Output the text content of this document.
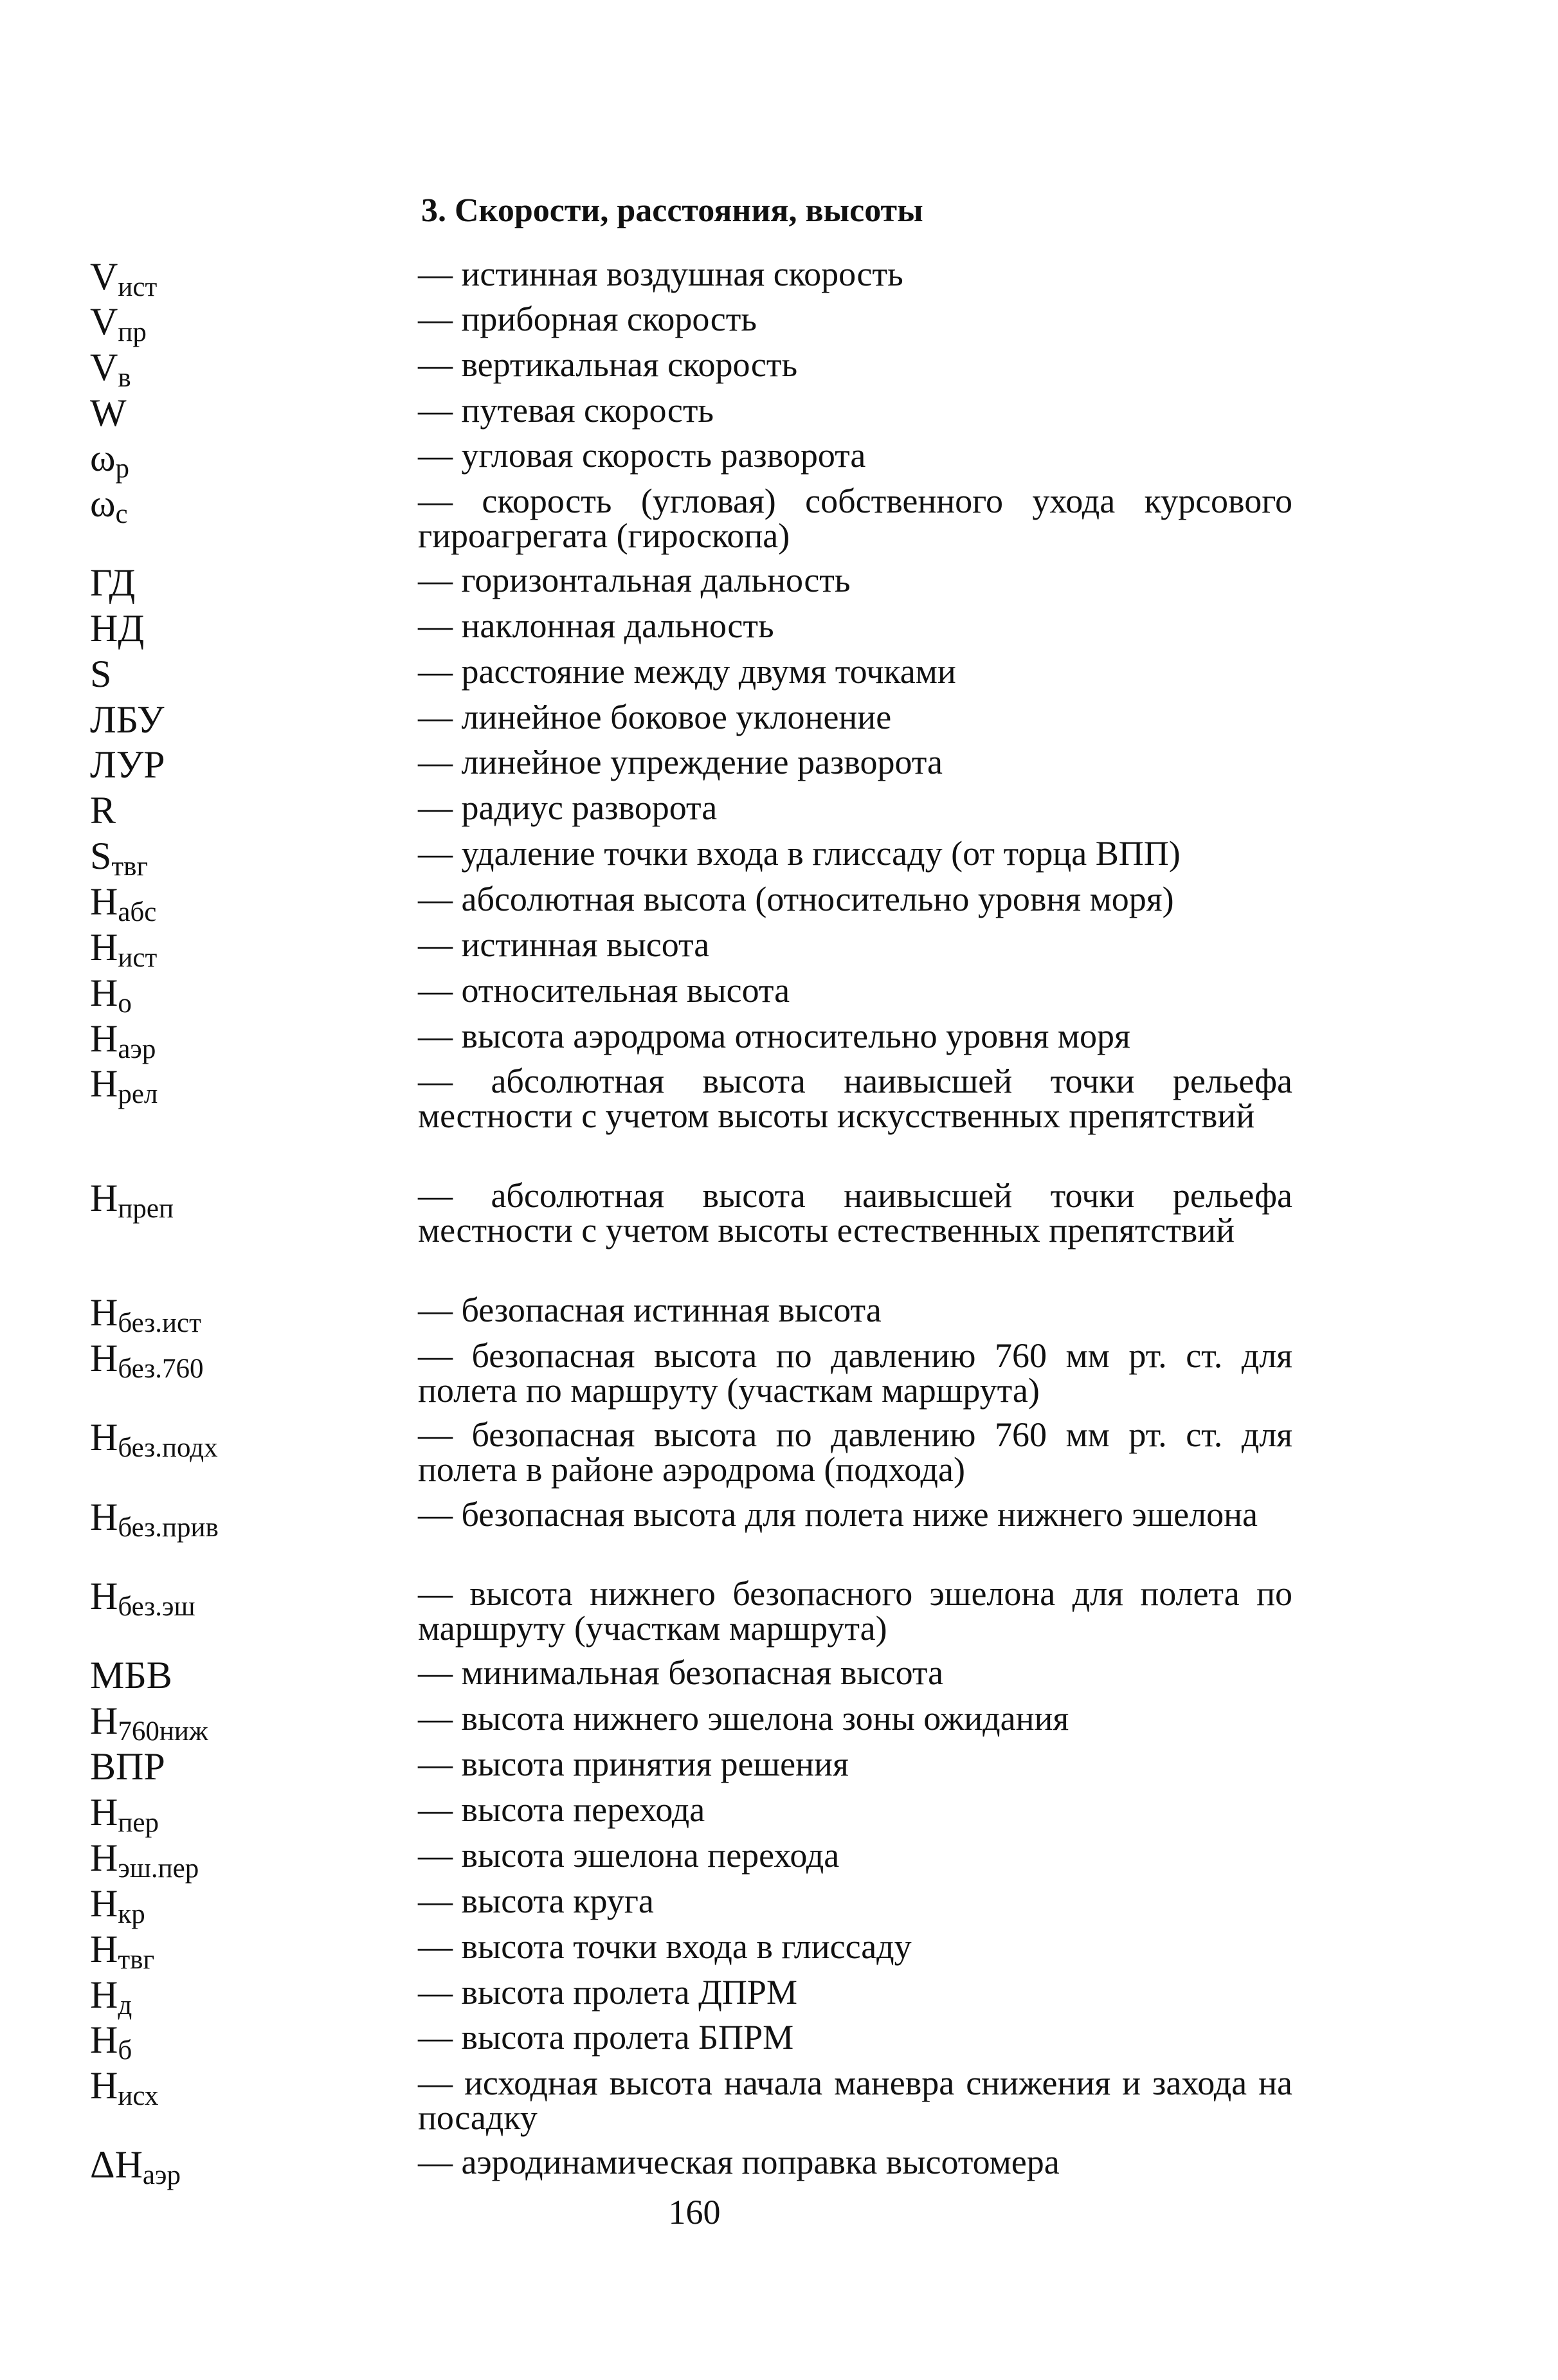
3. Скорости, расстояния, высоты
$V_{ист}$	— истинная воздушная скорость
$V_{пр}$	— приборная скорость
$V_в$	— вертикальная скорость
W	— путевая скорость
$\omega_р$	— угловая скорость разворота
$\omega_с$	— скорость (угловая) собственного ухода курсового гироагрегата (гироскопа)
ГД	— горизонтальная дальность
НД	— наклонная дальность
S	— расстояние между двумя точками
ЛБУ	— линейное боковое уклонение
ЛУР	— линейное упреждение разворота
R	— радиус разворота
$S_{твг}$	— удаление точки входа в глиссаду (от торца ВПП)
$H_{абс}$	— абсолютная высота (относительно уровня моря)
$H_{ист}$	— истинная высота
$H_о$	— относительная высота
$H_{аэр}$	— высота аэродрома относительно уровня моря
$H_{рел}$	— абсолютная высота наивысшей точки рельефа местности с учетом высоты искусственных препятствий
$H_{преп}$	— абсолютная высота наивысшей точки рельефа местности с учетом высоты естественных препятствий
$H_{без.ист}$	— безопасная истинная высота
$H_{без.760}$	— безопасная высота по давлению 760 мм рт. ст. для полета по маршруту (участкам маршрута)
$H_{без.подх}$	— безопасная высота по давлению 760 мм рт. ст. для полета в районе аэродрома (подхода)
$H_{без.прив}$	— безопасная высота для полета ниже нижнего эшелона
$H_{без.эш}$	— высота нижнего безопасного эшелона для полета по маршруту (участкам маршрута)
МБВ	— минимальная безопасная высота
$H_{760ниж}$	— высота нижнего эшелона зоны ожидания
ВПР	— высота принятия решения
$H_{пер}$	— высота перехода
$H_{эш.пер}$	— высота эшелона перехода
$H_{кр}$	— высота круга
$H_{твг}$	— высота точки входа в глиссаду
$H_д$	— высота пролета ДПРМ
$H_б$	— высота пролета БПРМ
$H_{исх}$	— исходная высота начала маневра снижения и захода на посадку
$\Delta H_{аэр}$	— аэродинамическая поправка высотомера
160
